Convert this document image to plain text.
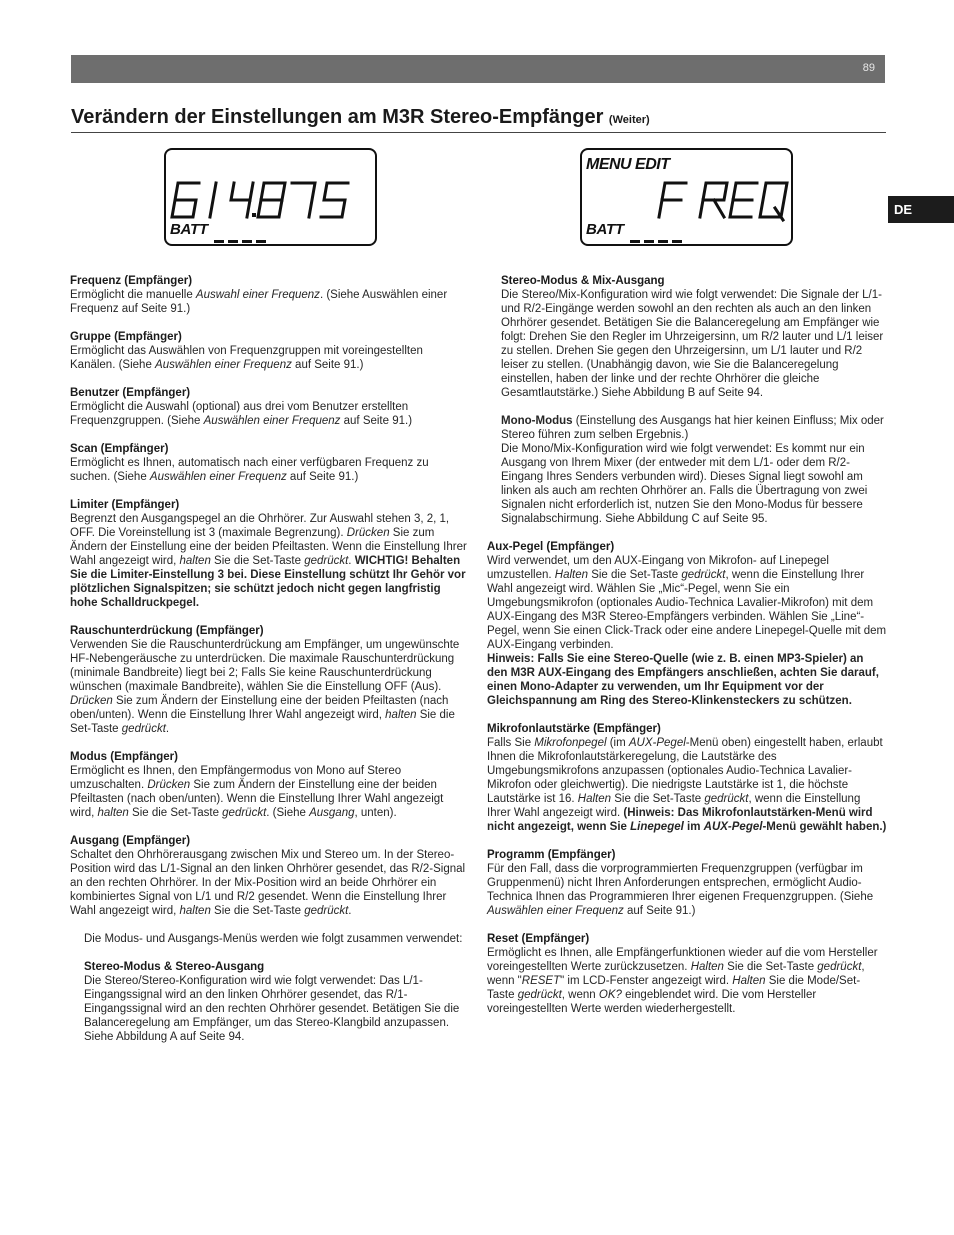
89
Verändern der Einstellungen am M3R Stereo-Empfänger (Weiter)
DE
BATT
MENU EDIT
BATT
Frequenz (Empfänger)

Ermöglicht die manuelle Auswahl einer Frequenz. (Siehe Auswählen einer Frequenz auf Seite 91.)

Gruppe (Empfänger)

Ermöglicht das Auswählen von Frequenzgruppen mit voreingestellten Kanälen. (Siehe Auswählen einer Frequenz auf Seite 91.)

Benutzer (Empfänger)

Ermöglicht die Auswahl (optional) aus drei vom Benutzer erstellten Frequenzgruppen. (Siehe Auswählen einer Frequenz auf Seite 91.)

Scan (Empfänger)

Ermöglicht es Ihnen, automatisch nach einer verfügbaren Frequenz zu suchen. (Siehe Auswählen einer Frequenz auf Seite 91.)

Limiter (Empfänger)

Begrenzt den Ausgangspegel an die Ohrhörer. Zur Auswahl stehen 3, 2, 1, OFF. Die Voreinstellung ist 3 (maximale Begrenzung). Drücken Sie zum Ändern der Einstellung eine der beiden Pfeiltasten. Wenn die Einstellung Ihrer Wahl angezeigt wird, halten Sie die Set-Taste gedrückt. WICHTIG! Behalten Sie die Limiter-Einstellung 3 bei. Diese Einstellung schützt Ihr Gehör vor plötzlichen Signalspitzen; sie schützt jedoch nicht gegen langfristig hohe Schalldruckpegel.

Rauschunterdrückung (Empfänger)

Verwenden Sie die Rauschunterdrückung am Empfänger, um ungewünschte HF-Nebengeräusche zu unterdrücken. Die maximale Rauschunterdrückung (minimale Bandbreite) liegt bei 2; Falls Sie keine Rauschunterdrückung wünschen (maximale Bandbreite), wählen Sie die Einstellung OFF (Aus). Drücken Sie zum Ändern der Einstellung eine der beiden Pfeiltasten (nach oben/unten). Wenn die Einstellung Ihrer Wahl angezeigt wird, halten Sie die Set-Taste gedrückt.

Modus (Empfänger)

Ermöglicht es Ihnen, den Empfängermodus von Mono auf Stereo umzuschalten. Drücken Sie zum Ändern der Einstellung eine der beiden Pfeiltasten (nach oben/unten). Wenn die Einstellung Ihrer Wahl angezeigt wird, halten Sie die Set-Taste gedrückt. (Siehe Ausgang, unten).

Ausgang (Empfänger)

Schaltet den Ohrhörerausgang zwischen Mix und Stereo um. In der Stereo-Position wird das L/1-Signal an den linken Ohrhörer gesendet, das R/2-Signal an den rechten Ohrhörer. In der Mix-Position wird an beide Ohrhörer ein kombiniertes Signal von L/1 und R/2 gesendet. Wenn die Einstellung Ihrer Wahl angezeigt wird, halten Sie die Set-Taste gedrückt.

Die Modus- und Ausgangs-Menüs werden wie folgt zusammen verwendet:

Stereo-Modus & Stereo-Ausgang

Die Stereo/Stereo-Konfiguration wird wie folgt verwendet: Das L/1-Eingangssignal wird an den linken Ohrhörer gesendet, das R/1-Eingangssignal wird an den rechten Ohrhörer gesendet. Betätigen Sie die Balanceregelung am Empfänger, um das Stereo-Klangbild anzupassen. Siehe Abbildung A auf Seite 94.

Stereo-Modus & Mix-Ausgang

Die Stereo/Mix-Konfiguration wird wie folgt verwendet: Die Signale der L/1- und R/2-Eingänge werden sowohl an den rechten als auch an den linken Ohrhörer gesendet. Betätigen Sie die Balanceregelung am Empfänger wie folgt: Drehen Sie den Regler im Uhrzeigersinn, um R/2 lauter und L/1 leiser zu stellen. Drehen Sie gegen den Uhrzeigersinn, um L/1 lauter und R/2 leiser zu stellen. (Unabhängig davon, wie Sie die Balanceregelung einstellen, haben der linke und der rechte Ohrhörer die gleiche Gesamtlautstärke.) Siehe Abbildung B auf Seite 94.

Mono-Modus (Einstellung des Ausgangs hat hier keinen Einfluss; Mix oder Stereo führen zum selben Ergebnis.)

Die Mono/Mix-Konfiguration wird wie folgt verwendet: Es kommt nur ein Ausgang von Ihrem Mixer (der entweder mit dem L/1- oder dem R/2-Eingang Ihres Senders verbunden wird). Dieses Signal liegt sowohl am linken als auch am rechten Ohrhörer an. Falls die Übertragung von zwei Signalen nicht erforderlich ist, nutzen Sie den Mono-Modus für bessere Signalabschirmung. Siehe Abbildung C auf Seite 95.

Aux-Pegel (Empfänger)

Wird verwendet, um den AUX-Eingang von Mikrofon- auf Linepegel umzustellen. Halten Sie die Set-Taste gedrückt, wenn die Einstellung Ihrer Wahl angezeigt wird. Wählen Sie „Mic“-Pegel, wenn Sie ein Umgebungsmikrofon (optionales Audio-Technica Lavalier-Mikrofon) mit dem AUX-Eingang des M3R Stereo-Empfängers verbinden. Wählen Sie „Line“-Pegel, wenn Sie einen Click-Track oder eine andere Linepegel-Quelle mit dem AUX-Eingang verbinden.

Hinweis: Falls Sie eine Stereo-Quelle (wie z. B. einen MP3-Spieler) an den M3R AUX-Eingang des Empfängers anschließen, achten Sie darauf, einen Mono-Adapter zu verwenden, um Ihr Equipment vor der Gleichspannung am Ring des Stereo-Klinkensteckers zu schützen.

Mikrofonlautstärke (Empfänger)

Falls Sie Mikrofonpegel (im AUX-Pegel-Menü oben) eingestellt haben, erlaubt Ihnen die Mikrofonlautstärkeregelung, die Lautstärke des Umgebungsmikrofons anzupassen (optionales Audio-Technica Lavalier-Mikrofon oder gleichwertig). Die niedrigste Lautstärke ist 1, die höchste Lautstärke ist 16. Halten Sie die Set-Taste gedrückt, wenn die Einstellung Ihrer Wahl angezeigt wird. (Hinweis: Das Mikrofonlautstärken-Menü wird nicht angezeigt, wenn Sie Linepegel im AUX-Pegel-Menü gewählt haben.)

Programm (Empfänger)

Für den Fall, dass die vorprogrammierten Frequenzgruppen (verfügbar im Gruppenmenü) nicht Ihren Anforderungen entsprechen, ermöglicht Audio-Technica Ihnen das Programmieren Ihrer eigenen Frequenzgruppen. (Siehe Auswählen einer Frequenz auf Seite 91.)

Reset (Empfänger)

Ermöglicht es Ihnen, alle Empfängerfunktionen wieder auf die vom Hersteller voreingestellten Werte zurückzusetzen. Halten Sie die Set-Taste gedrückt, wenn "RESET" im LCD-Fenster angezeigt wird. Halten Sie die Mode/Set-Taste gedrückt, wenn OK? eingeblendet wird. Die vom Hersteller voreingestellten Werte werden wiederhergestellt.
